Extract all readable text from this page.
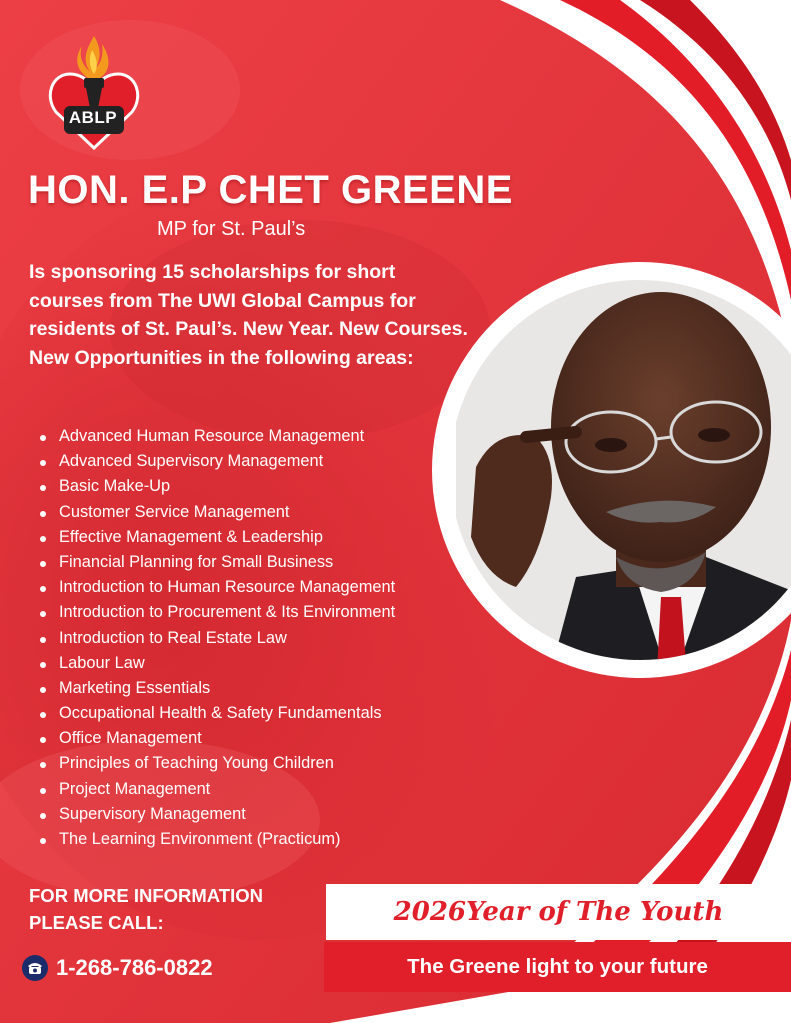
ABLP
HON. E.P CHET GREENE
MP for St. Paul’s
Is sponsoring 15 scholarships for short courses from The UWI Global Campus for residents of St. Paul’s. New Year. New Courses. New Opportunities in the following areas:
Advanced Human Resource Management
Advanced Supervisory Management
Basic Make-Up
Customer Service Management
Effective Management & Leadership
Financial Planning for Small Business
Introduction to Human Resource Management
Introduction to Procurement & Its Environment
Introduction to Real Estate Law
Labour Law
Marketing Essentials
Occupational Health & Safety Fundamentals
Office Management
Principles of Teaching Young Children
Project Management
Supervisory Management
The Learning Environment (Practicum)
FOR MORE INFORMATION PLEASE CALL:
1-268-786-0822
2026Year of The Youth
The Greene light to your future
